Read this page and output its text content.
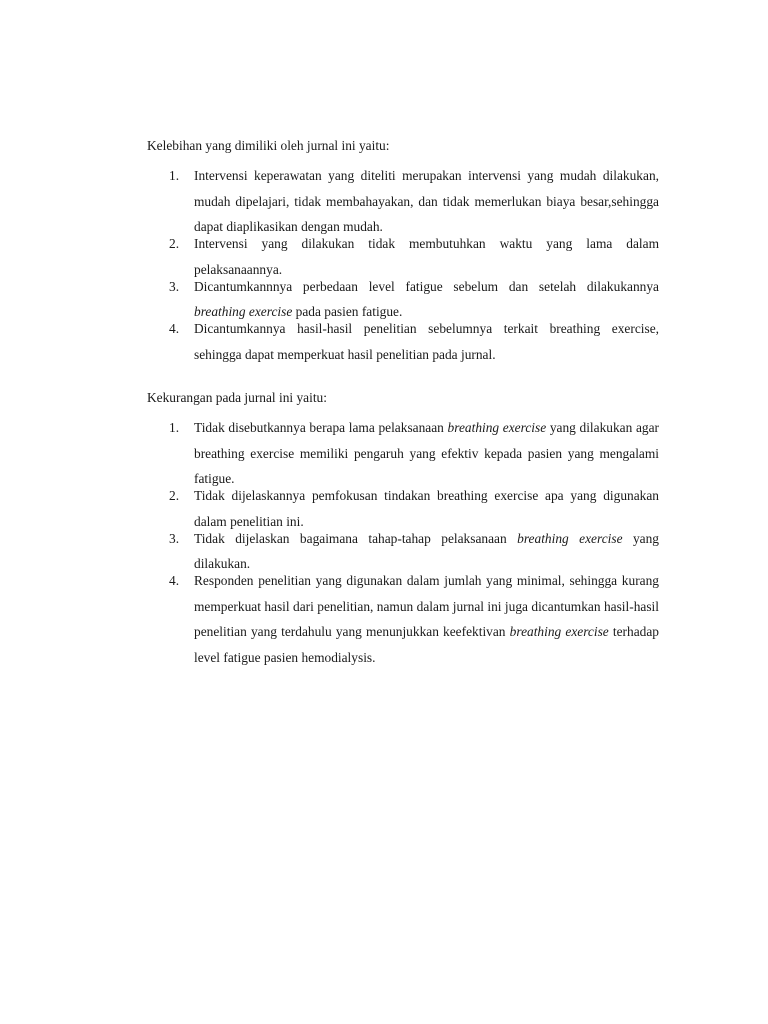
Kelebihan yang dimiliki oleh jurnal ini yaitu:

1. Intervensi keperawatan yang diteliti merupakan intervensi yang mudah dilakukan, mudah dipelajari, tidak membahayakan, dan tidak memerlukan biaya besar,sehingga dapat diaplikasikan dengan mudah.
2. Intervensi yang dilakukan tidak membutuhkan waktu yang lama dalam pelaksanaannya.
3. Dicantumkannnya perbedaan level fatigue sebelum dan setelah dilakukannya breathing exercise pada pasien fatigue.
4. Dicantumkannya hasil-hasil penelitian sebelumnya terkait breathing exercise, sehingga dapat memperkuat hasil penelitian pada jurnal.

Kekurangan pada jurnal ini yaitu:

1. Tidak disebutkannya berapa lama pelaksanaan breathing exercise yang dilakukan agar breathing exercise memiliki pengaruh yang efektiv kepada pasien yang mengalami fatigue.
2. Tidak dijelaskannya pemfokusan tindakan breathing exercise apa yang digunakan dalam penelitian ini.
3. Tidak dijelaskan bagaimana tahap-tahap pelaksanaan breathing exercise yang dilakukan.
4. Responden penelitian yang digunakan dalam jumlah yang minimal, sehingga kurang memperkuat hasil dari penelitian, namun dalam jurnal ini juga dicantumkan hasil-hasil penelitian yang terdahulu yang menunjukkan keefektivan breathing exercise terhadap level fatigue pasien hemodialysis.
